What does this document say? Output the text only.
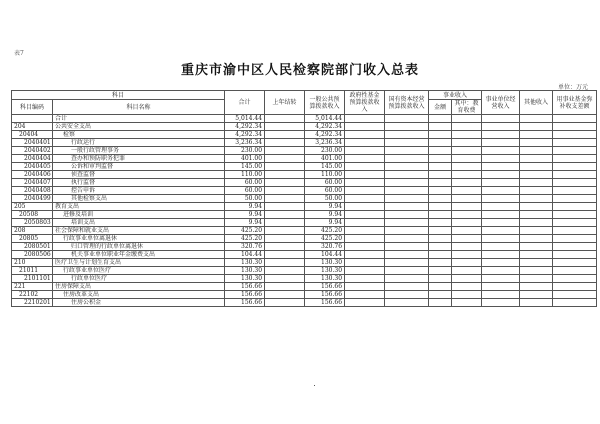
表7
重庆市渝中区人民检察院部门收入总表
单位：万元
科目		合计	上年结转	一般公共预算拨款收入	政府性基金预算拨款收入	国有资本经营预算拨款收入	事业收入		事业单位经营收入	其他收入	用事业基金弥补收支差额
科目编码	科目名称						金额	其中：教育收费			

	合计	5,014.44		5,014.44							
204	公共安全支出	4,292.34		4,292.34							
20404	检察	4,292.34		4,292.34							
2040401	行政运行	3,236.34		3,236.34							
2040402	一般行政管理事务	230.00		230.00							
2040404	查办和预防职务犯罪	401.00		401.00							
2040405	公诉和审判监督	145.00		145.00							
2040406	侦查监督	110.00		110.00							
2040407	执行监督	60.00		60.00							
2040408	控告申诉	60.00		60.00							
2040499	其他检察支出	50.00		50.00							
205	教育支出	9.94		9.94							
20508	进修及培训	9.94		9.94							
2050803	培训支出	9.94		9.94							
208	社会保障和就业支出	425.20		425.20							
20805	行政事业单位离退休	425.20		425.20							
2080501	归口管理的行政单位离退休	320.76		320.76							
2080506	机关事业单位职业年金缴费支出	104.44		104.44							
210	医疗卫生与计划生育支出	130.30		130.30							
21011	行政事业单位医疗	130.30		130.30							
2101101	行政单位医疗	130.30		130.30							
221	住房保障支出	156.66		156.66							
22102	住房改革支出	156.66		156.66							
2210201	住房公积金	156.66		156.66							
